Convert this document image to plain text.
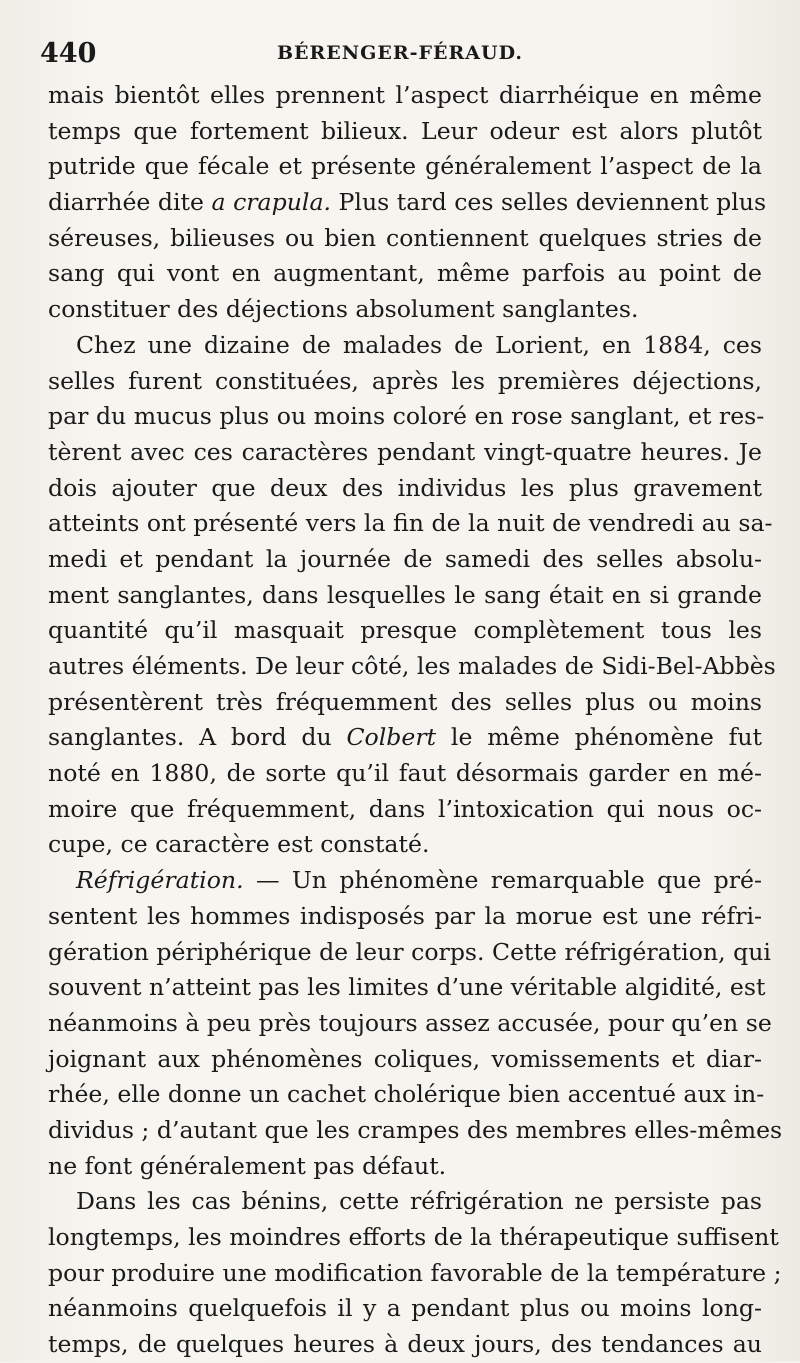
440	BÉRENGER-FÉRAUD.
mais bientôt elles prennent l’aspect diarrhéique en même
temps que fortement bilieux. Leur odeur est alors plutôt
putride que fécale et présente généralement l’aspect de la
diarrhée dite a crapula. Plus tard ces selles deviennent plus
séreuses, bilieuses ou bien contiennent quelques stries de
sang qui vont en augmentant, même parfois au point de
constituer des déjections absolument sanglantes.
Chez une dizaine de malades de Lorient, en 1884, ces
selles furent constituées, après les premières déjections,
par du mucus plus ou moins coloré en rose sanglant, et res-
tèrent avec ces caractères pendant vingt-quatre heures. Je
dois ajouter que deux des individus les plus gravement
atteints ont présenté vers la fin de la nuit de vendredi au sa-
medi et pendant la journée de samedi des selles absolu-
ment sanglantes, dans lesquelles le sang était en si grande
quantité qu’il masquait presque complètement tous les
autres éléments. De leur côté, les malades de Sidi-Bel-Abbès
présentèrent très fréquemment des selles plus ou moins
sanglantes. A bord du Colbert le même phénomène fut
noté en 1880, de sorte qu’il faut désormais garder en mé-
moire que fréquemment, dans l’intoxication qui nous oc-
cupe, ce caractère est constaté.
Réfrigération. — Un phénomène remarquable que pré-
sentent les hommes indisposés par la morue est une réfri-
gération périphérique de leur corps. Cette réfrigération, qui
souvent n’atteint pas les limites d’une véritable algidité, est
néanmoins à peu près toujours assez accusée, pour qu’en se
joignant aux phénomènes coliques, vomissements et diar-
rhée, elle donne un cachet cholérique bien accentué aux in-
dividus ; d’autant que les crampes des membres elles-mêmes
ne font généralement pas défaut.
Dans les cas bénins, cette réfrigération ne persiste pas
longtemps, les moindres efforts de la thérapeutique suffisent
pour produire une modification favorable de la température ;
néanmoins quelquefois il y a pendant plus ou moins long-
temps, de quelques heures à deux jours, des tendances au
